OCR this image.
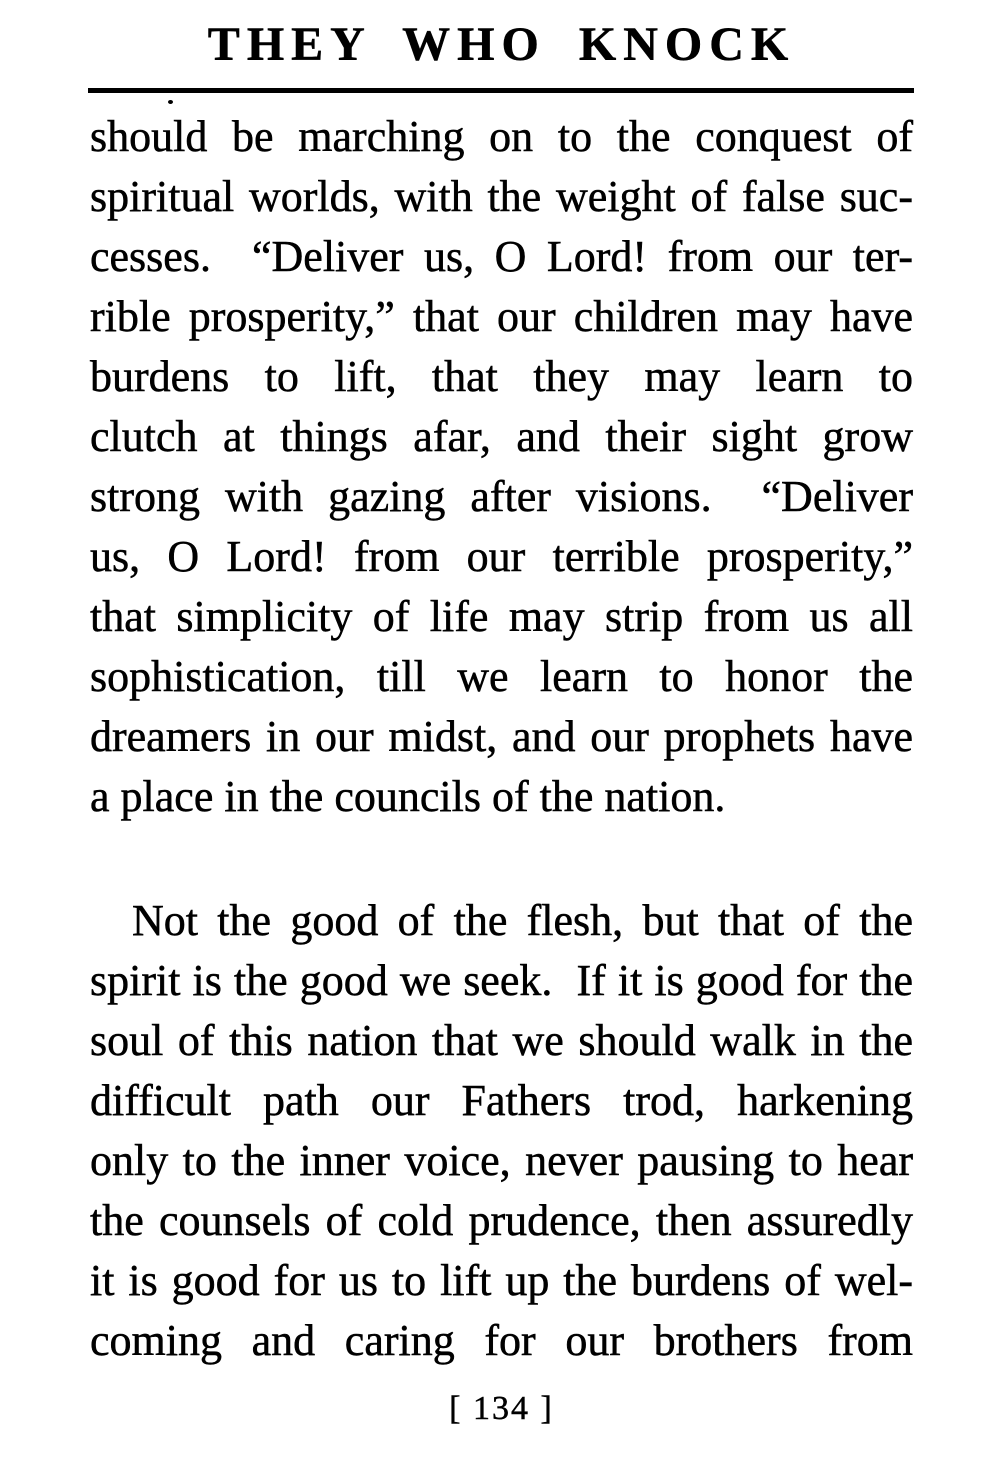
THEY WHO KNOCK
should be marching on to the conquest of
spiritual worlds, with the weight of false suc-
cesses.  “Deliver us, O Lord! from our ter-
rible prosperity,” that our children may have
burdens to lift, that they may learn to
clutch at things afar, and their sight grow
strong with gazing after visions.  “Deliver
us, O Lord! from our terrible prosperity,”
that simplicity of life may strip from us all
sophistication, till we learn to honor the
dreamers in our midst, and our prophets have
a place in the councils of the nation.
Not the good of the flesh, but that of the
spirit is the good we seek.  If it is good for the
soul of this nation that we should walk in the
difficult path our Fathers trod, harkening
only to the inner voice, never pausing to hear
the counsels of cold prudence, then assuredly
it is good for us to lift up the burdens of wel-
coming and caring for our brothers from
[ 134 ]
